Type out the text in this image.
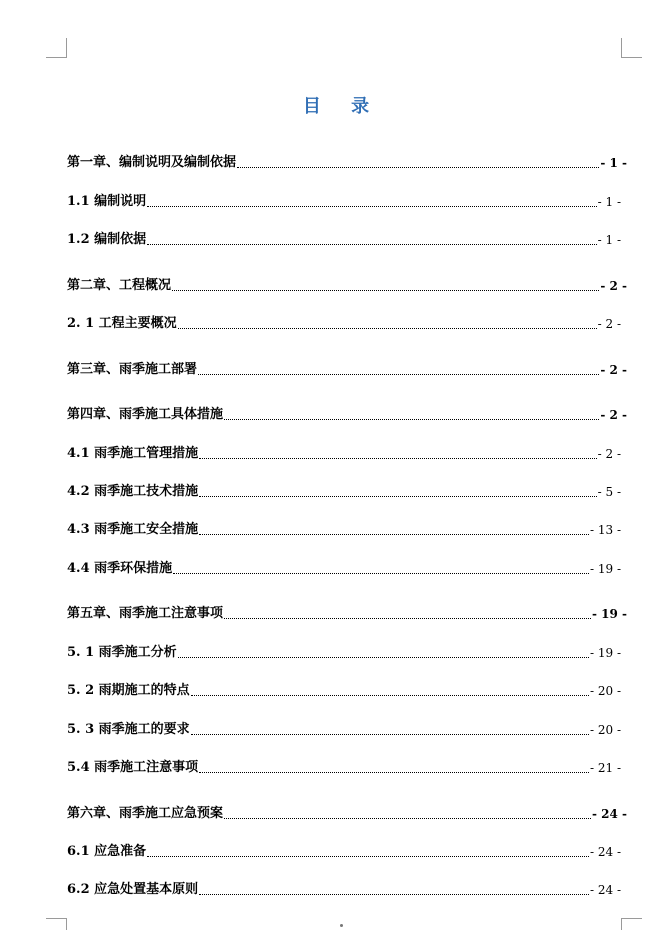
目 录
第一章、编制说明及编制依据	- 1 -
1.1 编制说明	- 1 -
1.2 编制依据	- 1 -
第二章、工程概况	- 2 -
2. 1 工程主要概况	- 2 -
第三章、雨季施工部署	- 2 -
第四章、雨季施工具体措施	- 2 -
4.1 雨季施工管理措施	- 2 -
4.2 雨季施工技术措施	- 5 -
4.3 雨季施工安全措施	- 13 -
4.4 雨季环保措施	- 19 -
第五章、雨季施工注意事项	- 19 -
5. 1 雨季施工分析	- 19 -
5. 2 雨期施工的特点	- 20 -
5. 3 雨季施工的要求	- 20 -
5.4 雨季施工注意事项	- 21 -
第六章、雨季施工应急预案	- 24 -
6.1 应急准备	- 24 -
6.2 应急处置基本原则	- 24 -
